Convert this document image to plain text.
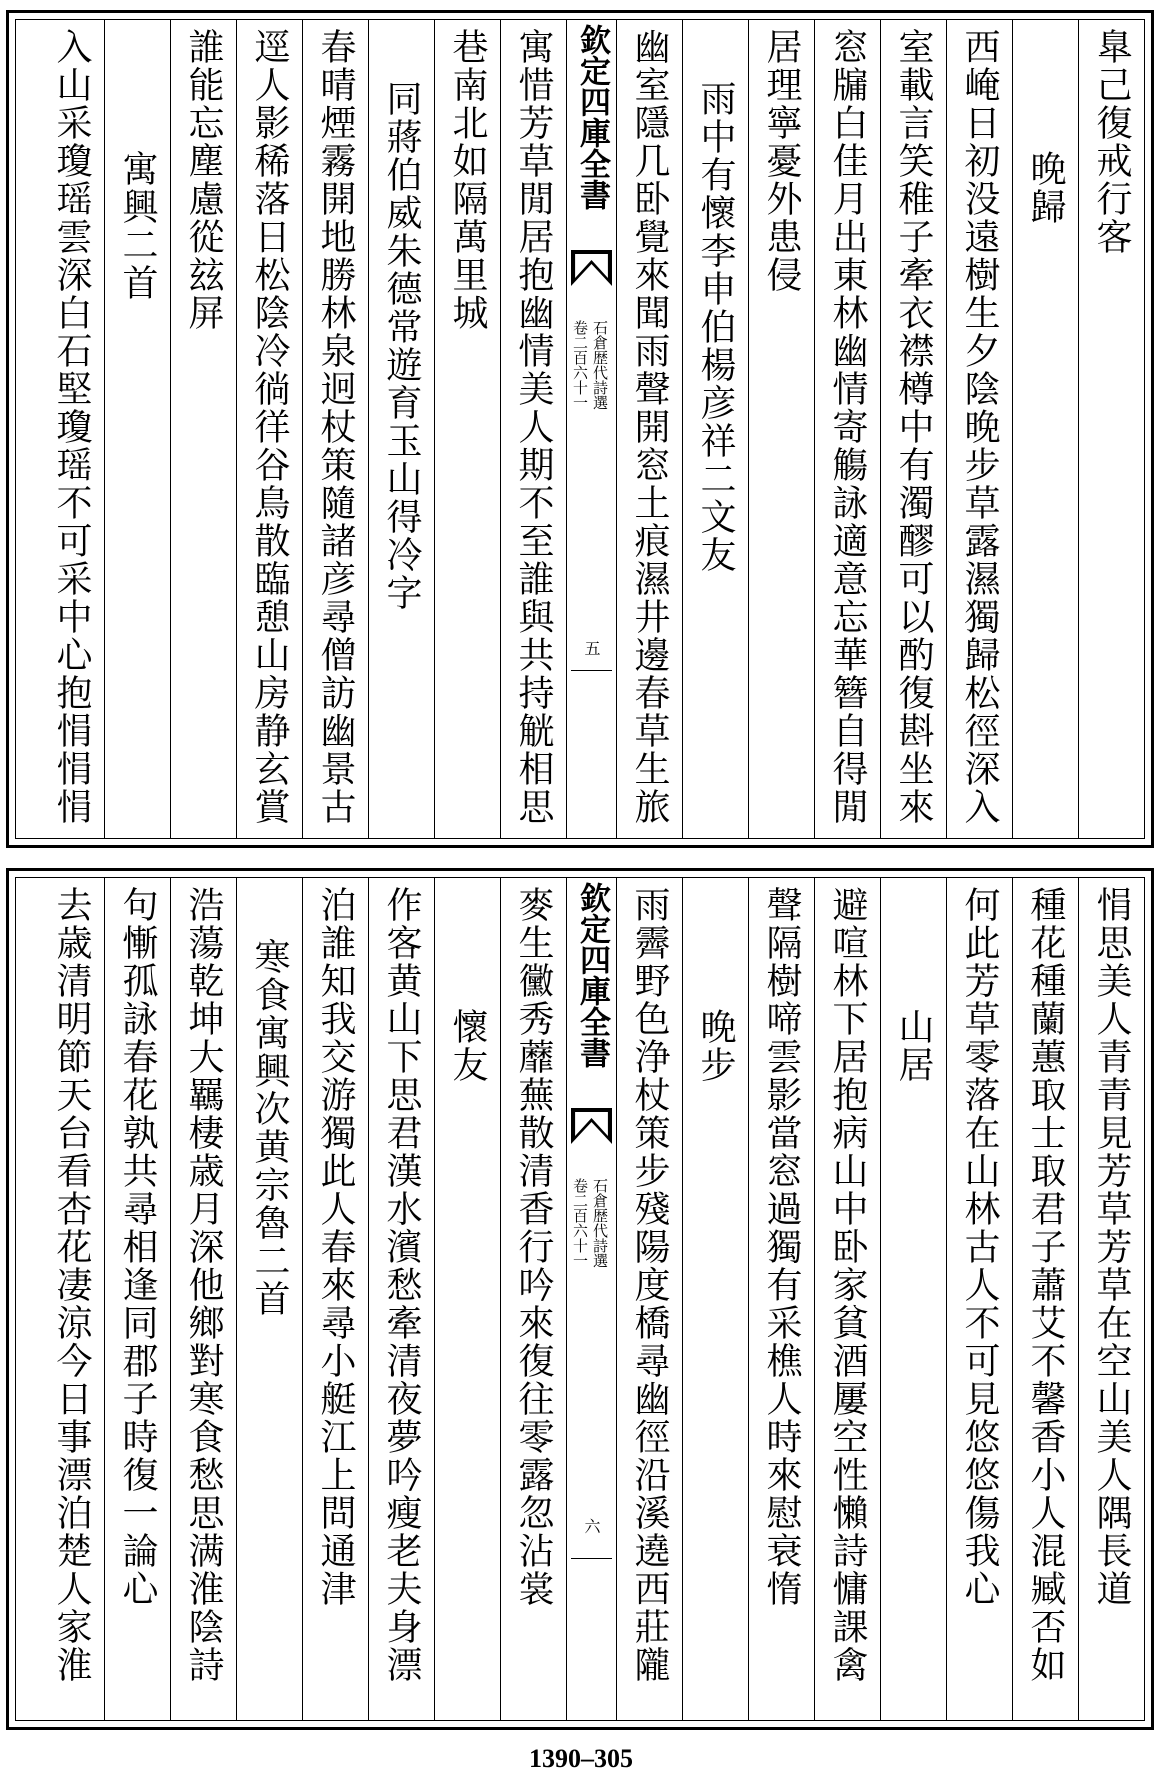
臯己復戒行客
晚歸
西崦日初没遠樹生夕陰晚步草露濕獨歸松徑深入
室載言笑稚子牽衣襟樽中有濁醪可以酌復斟坐來
窓牖白佳月出東林幽情寄觴詠適意忘華簪自得閒
居理寧憂外患侵
雨中有懷李申伯楊彦祥二文友
幽室隱几卧覺來聞雨聲開窓土痕濕井邊春草生旅
欽定四庫全書
石倉歴代詩選
卷二百六十一
五
寓惜芳草閒居抱幽情美人期不至誰與共持觥相思
巷南北如隔萬里城
同蔣伯威朱德常遊育玉山得冷字
春晴煙霧開地勝林泉迥杖策隨諸彦尋僧訪幽景古
逕人影稀落日松陰冷徜徉谷鳥散臨憩山房静玄賞
誰能忘塵慮從玆屏
寓興二首
入山采瓊瑶雲深白石堅瓊瑶不可采中心抱悁悁悁
悁思美人青青見芳草芳草在空山美人隅長道
種花種蘭蕙取士取君子蕭艾不馨香小人混臧否如
何此芳草零落在山林古人不可見悠悠傷我心
山居
避喧林下居抱病山中卧家貧酒屢空性懶詩慵課禽
聲隔樹啼雲影當窓過獨有采樵人時來慰衰惰
晚步
雨霽野色浄杖策步殘陽度橋尋幽徑沿溪遶西莊隴
欽定四庫全書
石倉歴代詩選
卷二百六十一
六
麥生黴秀蘼蕪散清香行吟來復往零露忽沾裳
懷友
作客黄山下思君漢水濱愁牽清夜夢吟瘦老夫身漂
泊誰知我交游獨此人春來尋小艇江上問通津
寒食寓興次黄宗魯二首
浩蕩乾坤大羈棲歳月深他鄉對寒食愁思满淮陰詩
句慚孤詠春花孰共尋相逢同郡子時復一論心
去歳清明節天台看杏花凄涼今日事漂泊楚人家淮
1390–305
